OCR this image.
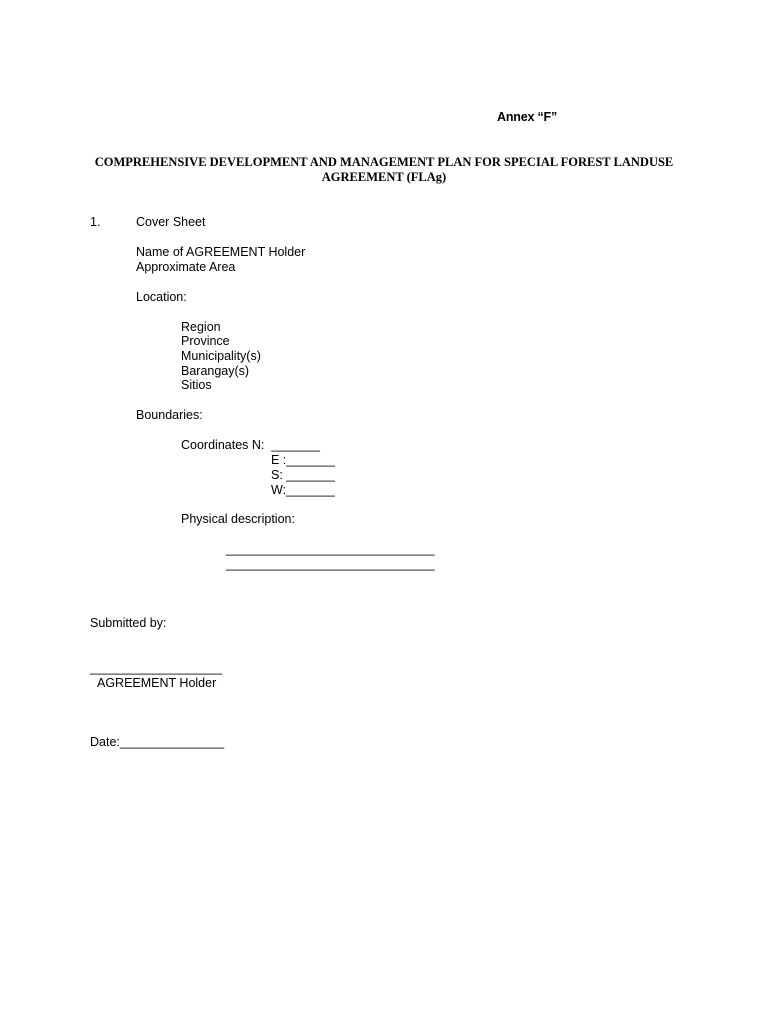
Annex “F”
COMPREHENSIVE DEVELOPMENT AND MANAGEMENT PLAN FOR SPECIAL FOREST LANDUSE
AGREEMENT (FLAg)
1.	Cover Sheet
Name of AGREEMENT Holder
Approximate Area
Location:
Region
Province
Municipality(s)
Barangay(s)
Sitios
Boundaries:
Coordinates N:  _______
E :_______
S: _______
W:_______
Physical description:
______________________________
______________________________
Submitted by:
___________________
AGREEMENT Holder
Date:_______________
